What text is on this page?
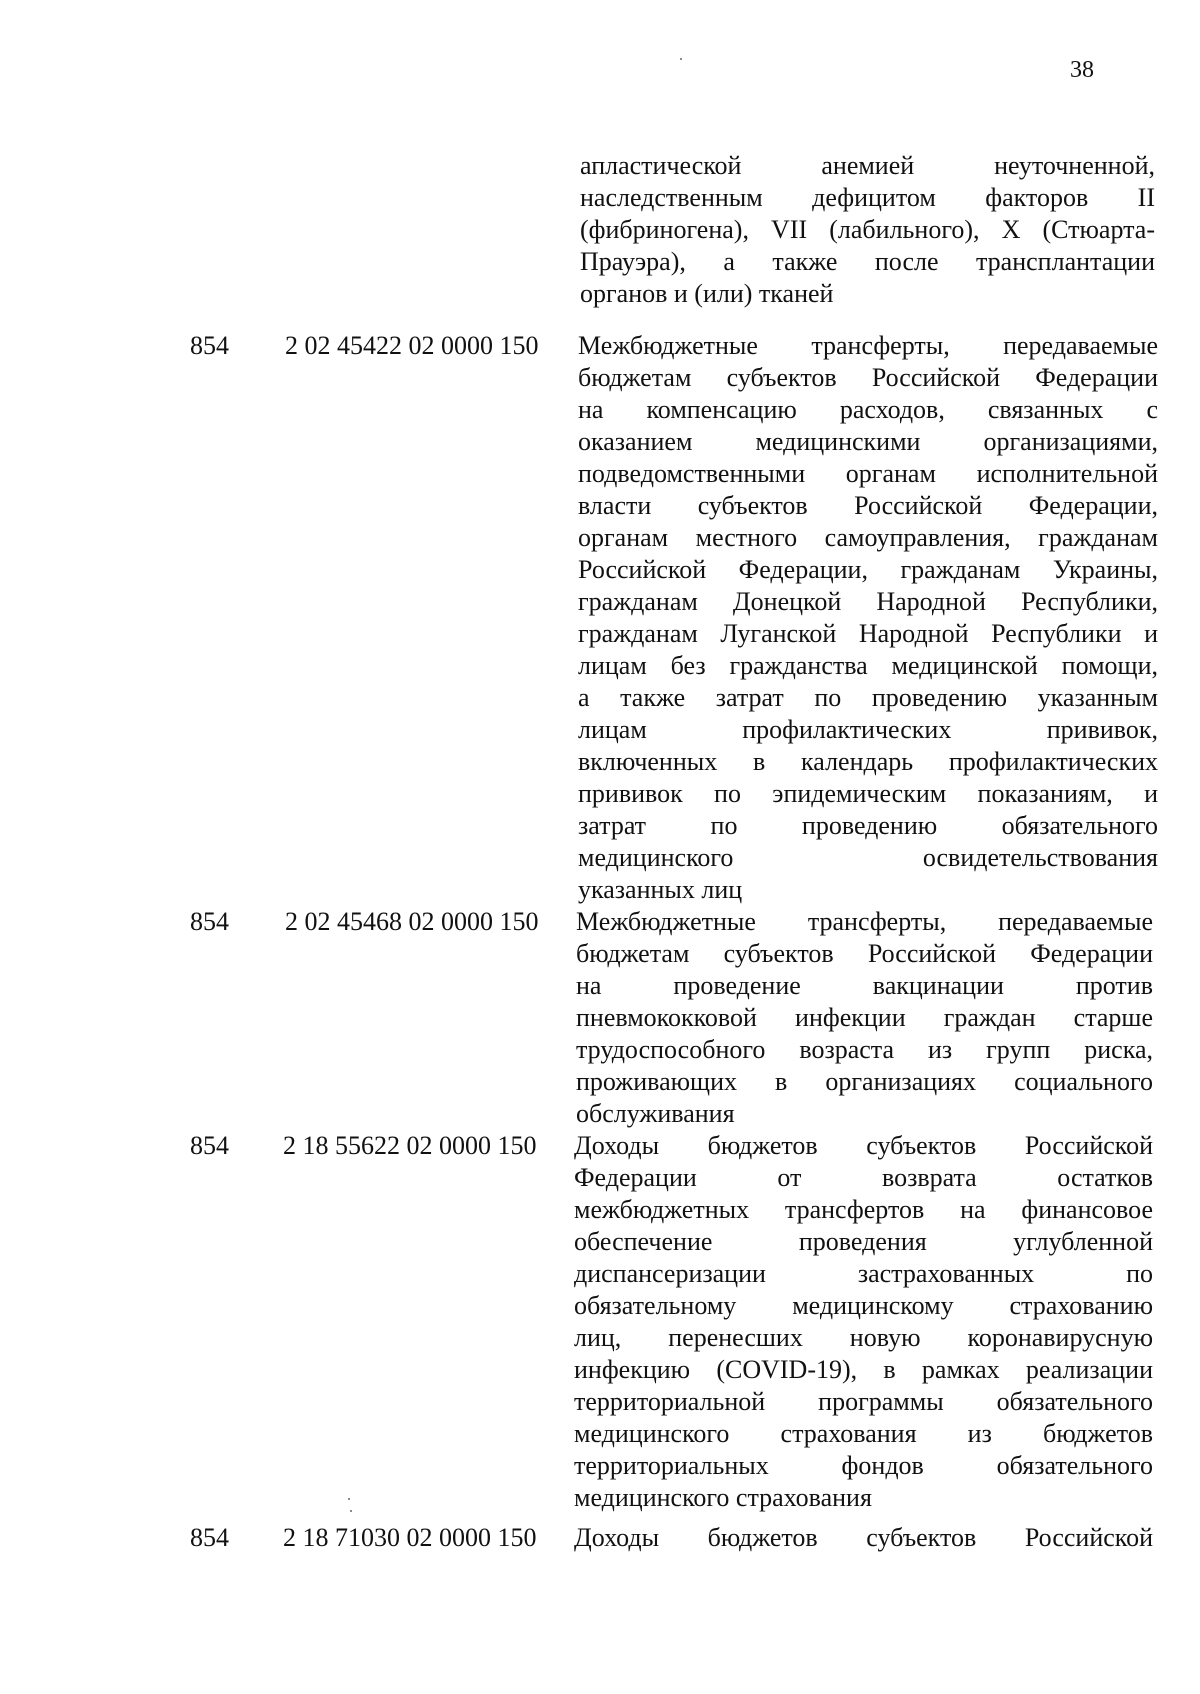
38
апластической анемией неуточненной,
наследственным дефицитом факторов II
(фибриногена), VII (лабильного), X (Стюарта-
Прауэра), а также после трансплантации
органов и (или) тканей
854 2 02 45422 02 0000 150 Межбюджетные трансферты, передаваемые
бюджетам субъектов Российской Федерации
на компенсацию расходов, связанных с
оказанием медицинскими организациями,
подведомственными органам исполнительной
власти субъектов Российской Федерации,
органам местного самоуправления, гражданам
Российской Федерации, гражданам Украины,
гражданам Донецкой Народной Республики,
гражданам Луганской Народной Республики и
лицам без гражданства медицинской помощи,
а также затрат по проведению указанным
лицам профилактических прививок,
включенных в календарь профилактических
прививок по эпидемическим показаниям, и
затрат по проведению обязательного
медицинского освидетельствования
указанных лиц
854 2 02 45468 02 0000 150 Межбюджетные трансферты, передаваемые
бюджетам субъектов Российской Федерации
на проведение вакцинации против
пневмококковой инфекции граждан старше
трудоспособного возраста из групп риска,
проживающих в организациях социального
обслуживания
854 2 18 55622 02 0000 150 Доходы бюджетов субъектов Российской
Федерации от возврата остатков
межбюджетных трансфертов на финансовое
обеспечение проведения углубленной
диспансеризации застрахованных по
обязательному медицинскому страхованию
лиц, перенесших новую коронавирусную
инфекцию (COVID-19), в рамках реализации
территориальной программы обязательного
медицинского страхования из бюджетов
территориальных фондов обязательного
медицинского страхования
854 2 18 71030 02 0000 150 Доходы бюджетов субъектов Российской
